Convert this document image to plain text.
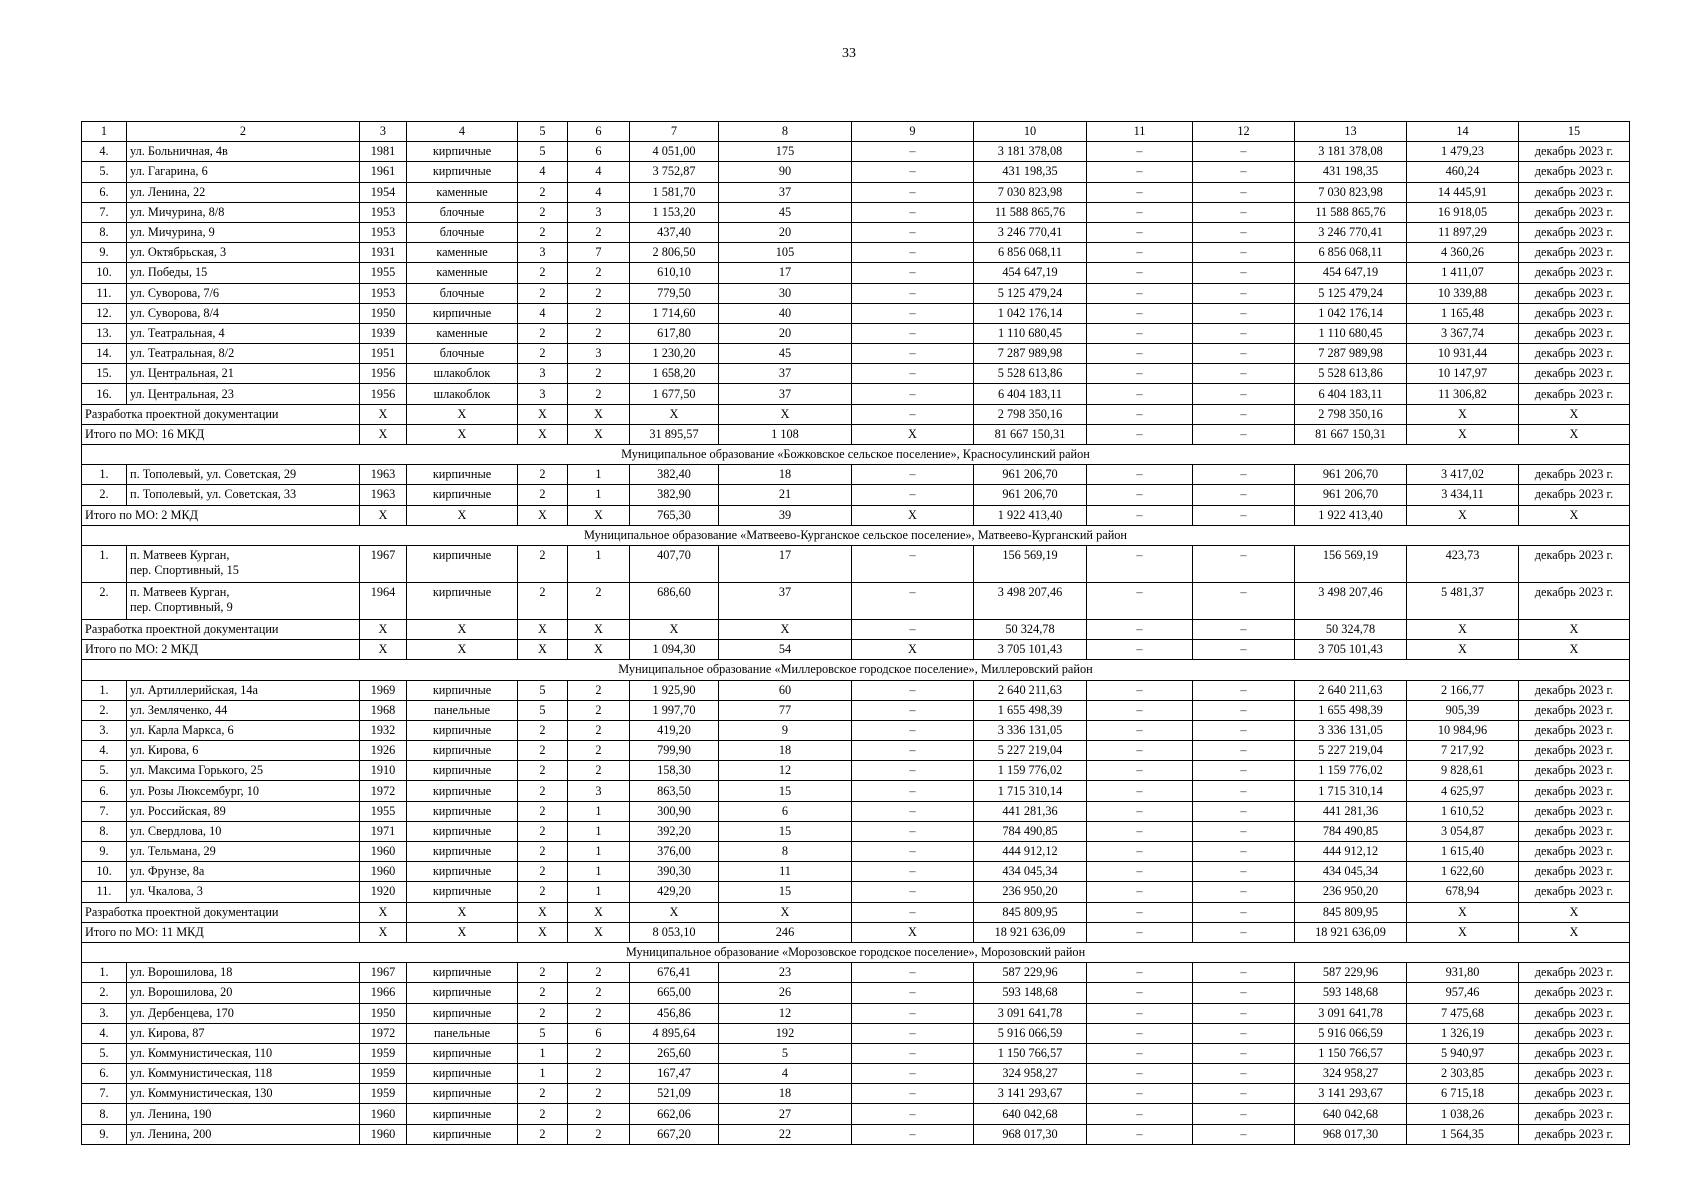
33
1	2	3	4	5	6	7	8	9	10	11	12	13	14	15
4.	ул. Больничная, 4в	1981	кирпичные	5	6	4 051,00	175	–	3 181 378,08	–	–	3 181 378,08	1 479,23	декабрь 2023 г.
5.	ул. Гагарина, 6	1961	кирпичные	4	4	3 752,87	90	–	431 198,35	–	–	431 198,35	460,24	декабрь 2023 г.
6.	ул. Ленина, 22	1954	каменные	2	4	1 581,70	37	–	7 030 823,98	–	–	7 030 823,98	14 445,91	декабрь 2023 г.
7.	ул. Мичурина, 8/8	1953	блочные	2	3	1 153,20	45	–	11 588 865,76	–	–	11 588 865,76	16 918,05	декабрь 2023 г.
8.	ул. Мичурина, 9	1953	блочные	2	2	437,40	20	–	3 246 770,41	–	–	3 246 770,41	11 897,29	декабрь 2023 г.
9.	ул. Октябрьская, 3	1931	каменные	3	7	2 806,50	105	–	6 856 068,11	–	–	6 856 068,11	4 360,26	декабрь 2023 г.
10.	ул. Победы, 15	1955	каменные	2	2	610,10	17	–	454 647,19	–	–	454 647,19	1 411,07	декабрь 2023 г.
11.	ул. Суворова, 7/6	1953	блочные	2	2	779,50	30	–	5 125 479,24	–	–	5 125 479,24	10 339,88	декабрь 2023 г.
12.	ул. Суворова, 8/4	1950	кирпичные	4	2	1 714,60	40	–	1 042 176,14	–	–	1 042 176,14	1 165,48	декабрь 2023 г.
13.	ул. Театральная, 4	1939	каменные	2	2	617,80	20	–	1 110 680,45	–	–	1 110 680,45	3 367,74	декабрь 2023 г.
14.	ул. Театральная, 8/2	1951	блочные	2	3	1 230,20	45	–	7 287 989,98	–	–	7 287 989,98	10 931,44	декабрь 2023 г.
15.	ул. Центральная, 21	1956	шлакоблок	3	2	1 658,20	37	–	5 528 613,86	–	–	5 528 613,86	10 147,97	декабрь 2023 г.
16.	ул. Центральная, 23	1956	шлакоблок	3	2	1 677,50	37	–	6 404 183,11	–	–	6 404 183,11	11 306,82	декабрь 2023 г.
Разработка проектной документации		X	X	X	X	X	X	–	2 798 350,16	–	–	2 798 350,16	X	X
Итого по МО: 16 МКД		X	X	X	X	31 895,57	1 108	X	81 667 150,31	–	–	81 667 150,31	X	X
Муниципальное образование «Божковское сельское поселение», Красносулинский район														
1.	п. Тополевый, ул. Советская, 29	1963	кирпичные	2	1	382,40	18	–	961 206,70	–	–	961 206,70	3 417,02	декабрь 2023 г.
2.	п. Тополевый, ул. Советская, 33	1963	кирпичные	2	1	382,90	21	–	961 206,70	–	–	961 206,70	3 434,11	декабрь 2023 г.
Итого по МО: 2 МКД		X	X	X	X	765,30	39	X	1 922 413,40	–	–	1 922 413,40	X	X
Муниципальное образование «Матвеево-Курганское сельское поселение», Матвеево-Курганский район														
1.	п. Матвеев Курган,
пер. Спортивный, 15	1967	кирпичные	2	1	407,70	17	–	156 569,19	–	–	156 569,19	423,73	декабрь 2023 г.
2.	п. Матвеев Курган,
пер. Спортивный, 9	1964	кирпичные	2	2	686,60	37	–	3 498 207,46	–	–	3 498 207,46	5 481,37	декабрь 2023 г.
Разработка проектной документации		X	X	X	X	X	X	–	50 324,78	–	–	50 324,78	X	X
Итого по МО: 2 МКД		X	X	X	X	1 094,30	54	X	3 705 101,43	–	–	3 705 101,43	X	X
Муниципальное образование «Миллеровское городское поселение», Миллеровский район														
1.	ул. Артиллерийская, 14а	1969	кирпичные	5	2	1 925,90	60	–	2 640 211,63	–	–	2 640 211,63	2 166,77	декабрь 2023 г.
2.	ул. Земляченко, 44	1968	панельные	5	2	1 997,70	77	–	1 655 498,39	–	–	1 655 498,39	905,39	декабрь 2023 г.
3.	ул. Карла Маркса, 6	1932	кирпичные	2	2	419,20	9	–	3 336 131,05	–	–	3 336 131,05	10 984,96	декабрь 2023 г.
4.	ул. Кирова, 6	1926	кирпичные	2	2	799,90	18	–	5 227 219,04	–	–	5 227 219,04	7 217,92	декабрь 2023 г.
5.	ул. Максима Горького, 25	1910	кирпичные	2	2	158,30	12	–	1 159 776,02	–	–	1 159 776,02	9 828,61	декабрь 2023 г.
6.	ул. Розы Люксембург, 10	1972	кирпичные	2	3	863,50	15	–	1 715 310,14	–	–	1 715 310,14	4 625,97	декабрь 2023 г.
7.	ул. Российская, 89	1955	кирпичные	2	1	300,90	6	–	441 281,36	–	–	441 281,36	1 610,52	декабрь 2023 г.
8.	ул. Свердлова, 10	1971	кирпичные	2	1	392,20	15	–	784 490,85	–	–	784 490,85	3 054,87	декабрь 2023 г.
9.	ул. Тельмана, 29	1960	кирпичные	2	1	376,00	8	–	444 912,12	–	–	444 912,12	1 615,40	декабрь 2023 г.
10.	ул. Фрунзе, 8а	1960	кирпичные	2	1	390,30	11	–	434 045,34	–	–	434 045,34	1 622,60	декабрь 2023 г.
11.	ул. Чкалова, 3	1920	кирпичные	2	1	429,20	15	–	236 950,20	–	–	236 950,20	678,94	декабрь 2023 г.
Разработка проектной документации		X	X	X	X	X	X	–	845 809,95	–	–	845 809,95	X	X
Итого по МО: 11 МКД		X	X	X	X	8 053,10	246	X	18 921 636,09	–	–	18 921 636,09	X	X
Муниципальное образование «Морозовское городское поселение», Морозовский район														
1.	ул. Ворошилова, 18	1967	кирпичные	2	2	676,41	23	–	587 229,96	–	–	587 229,96	931,80	декабрь 2023 г.
2.	ул. Ворошилова, 20	1966	кирпичные	2	2	665,00	26	–	593 148,68	–	–	593 148,68	957,46	декабрь 2023 г.
3.	ул. Дербенцева, 170	1950	кирпичные	2	2	456,86	12	–	3 091 641,78	–	–	3 091 641,78	7 475,68	декабрь 2023 г.
4.	ул. Кирова, 87	1972	панельные	5	6	4 895,64	192	–	5 916 066,59	–	–	5 916 066,59	1 326,19	декабрь 2023 г.
5.	ул. Коммунистическая, 110	1959	кирпичные	1	2	265,60	5	–	1 150 766,57	–	–	1 150 766,57	5 940,97	декабрь 2023 г.
6.	ул. Коммунистическая, 118	1959	кирпичные	1	2	167,47	4	–	324 958,27	–	–	324 958,27	2 303,85	декабрь 2023 г.
7.	ул. Коммунистическая, 130	1959	кирпичные	2	2	521,09	18	–	3 141 293,67	–	–	3 141 293,67	6 715,18	декабрь 2023 г.
8.	ул. Ленина, 190	1960	кирпичные	2	2	662,06	27	–	640 042,68	–	–	640 042,68	1 038,26	декабрь 2023 г.
9.	ул. Ленина, 200	1960	кирпичные	2	2	667,20	22	–	968 017,30	–	–	968 017,30	1 564,35	декабрь 2023 г.
